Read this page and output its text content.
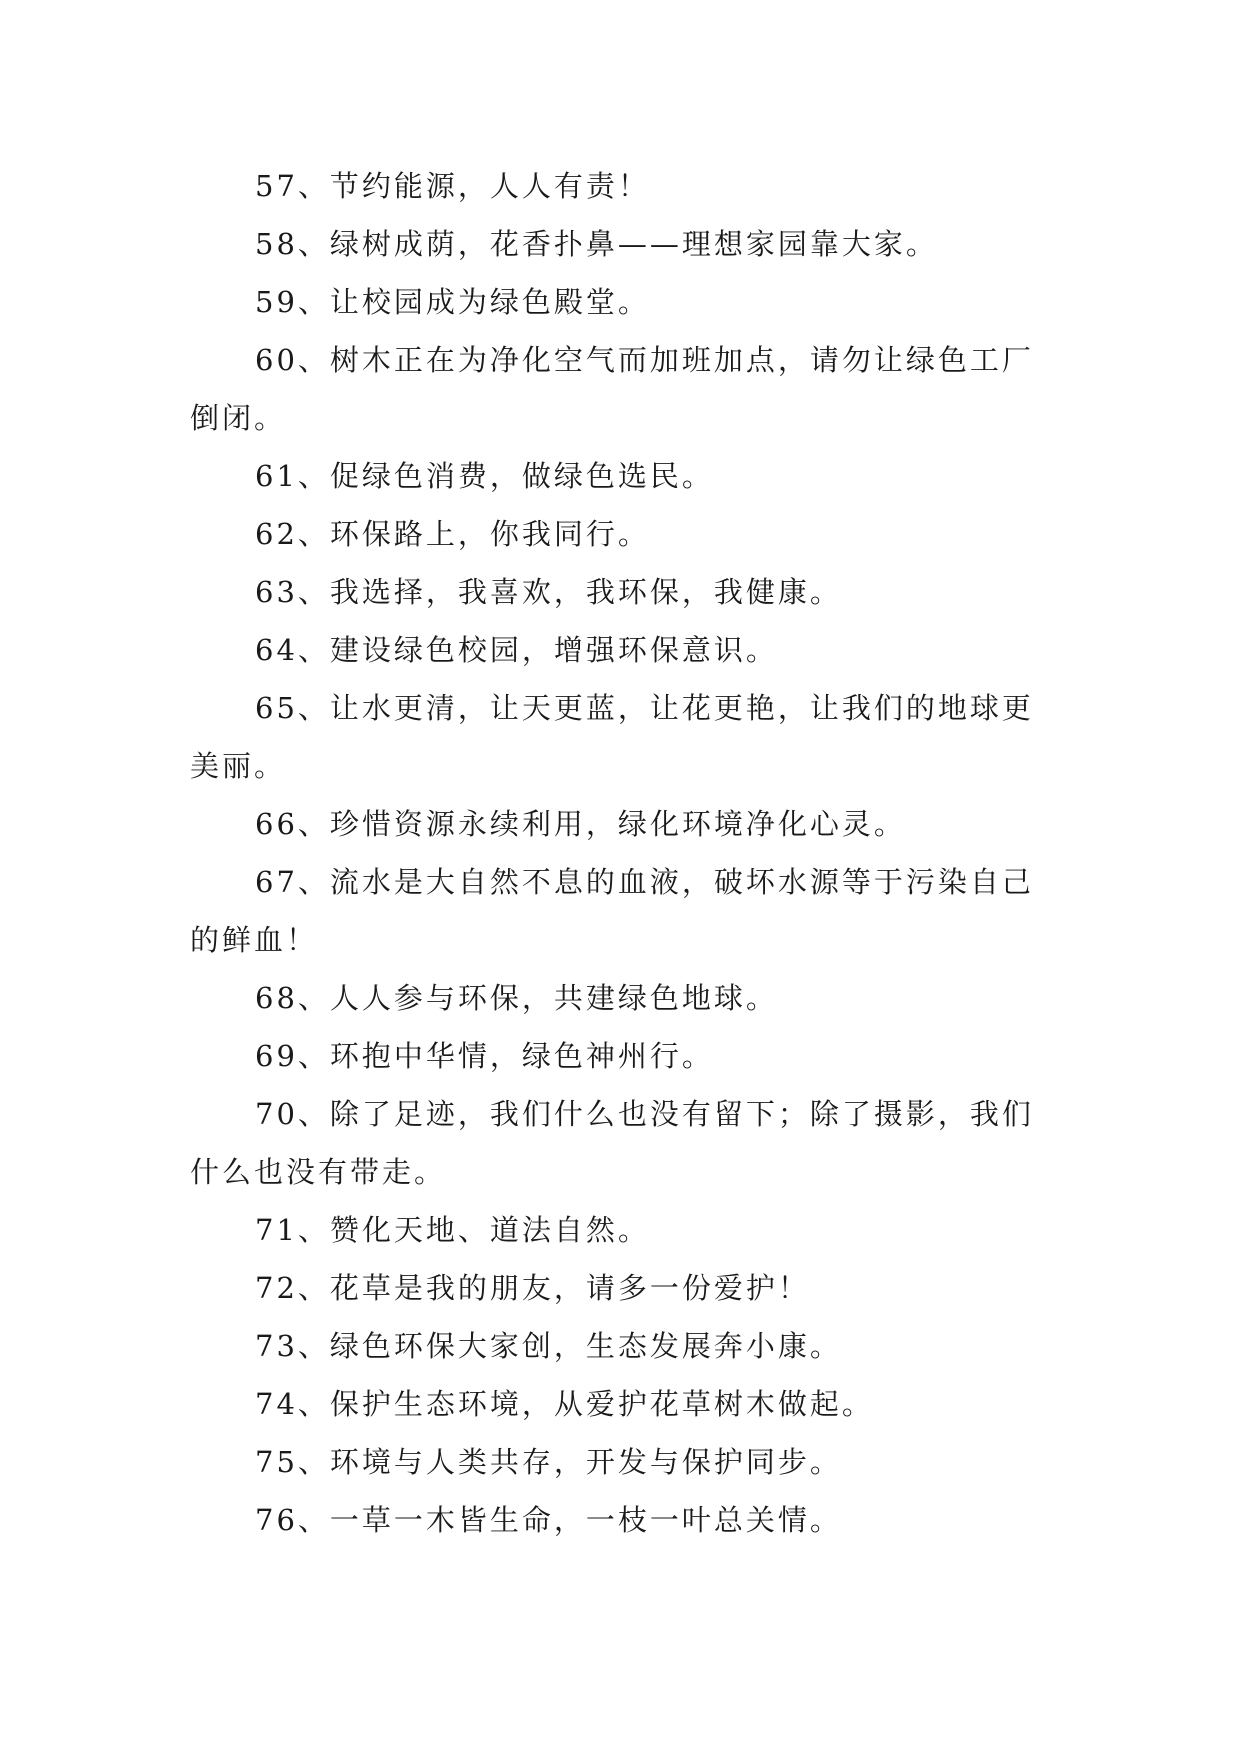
57、节约能源，人人有责！

58、绿树成荫，花香扑鼻——理想家园靠大家。

59、让校园成为绿色殿堂。

60、树木正在为净化空气而加班加点，请勿让绿色工厂倒闭。

61、促绿色消费，做绿色选民。

62、环保路上，你我同行。

63、我选择，我喜欢，我环保，我健康。

64、建设绿色校园，增强环保意识。

65、让水更清，让天更蓝，让花更艳，让我们的地球更美丽。

66、珍惜资源永续利用，绿化环境净化心灵。

67、流水是大自然不息的血液，破坏水源等于污染自己的鲜血！

68、人人参与环保，共建绿色地球。

69、环抱中华情，绿色神州行。

70、除了足迹，我们什么也没有留下；除了摄影，我们什么也没有带走。

71、赞化天地、道法自然。

72、花草是我的朋友，请多一份爱护！

73、绿色环保大家创，生态发展奔小康。

74、保护生态环境，从爱护花草树木做起。

75、环境与人类共存，开发与保护同步。

76、一草一木皆生命，一枝一叶总关情。
